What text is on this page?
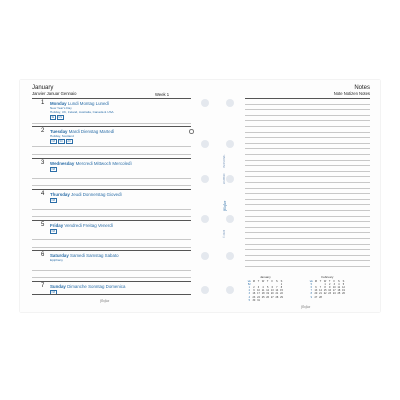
January
Janvier Januar Gennaio	Week 1
1 Monday Lundi Montag Lunedì
New Year's Day
Holiday, UK, Ireland, Australia, Canada & USA
IE	US
2 Tuesday Mardi Dienstag Martedì
Holiday, Scotland
NZ	SC	AU
3 Wednesday Mercredi Mittwoch Mercoledì
NZ
4 Thursday Jeudi Donnerstag Giovedì
NZ
5 Friday Vendredi Freitag Venerdì
NZ
6 Saturday Samedi Samstag Sabato
Epiphany
7 Sunday Dimanche Sonntag Domenica
NZ
filofax
PERSONAL
22-68510
filofax
© 2023
Notes
Note Notizen Notes
January
wk	M	T	W	T	F	S	S
52							1
1	2	3	4	5	6	7	8
2	9	10	11	12	13	14	15
3	16	17	18	19	20	21	22
4	23	24	25	26	27	28	29
5	30	31					
February
wk	M	T	W	T	F	S	S
5			1	2	3	4	5
6	6	7	8	9	10	11	12
7	13	14	15	16	17	18	19
8	20	21	22	23	24	25	26
9	27	28					

filofax
